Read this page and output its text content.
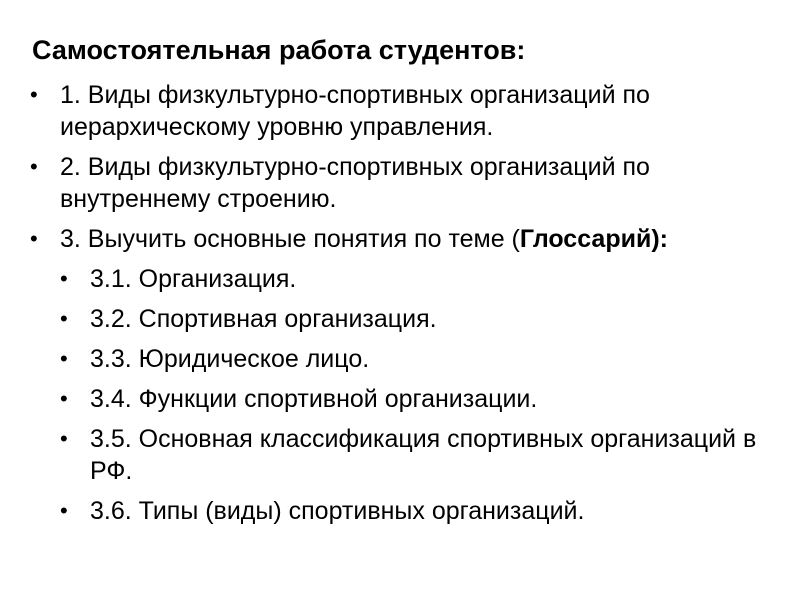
Самостоятельная работа студентов:
• 1. Виды физкультурно-спортивных организаций по иерархическому уровню управления.
• 2. Виды физкультурно-спортивных организаций по внутреннему строению.
• 3. Выучить основные понятия по теме (Глоссарий):
• 3.1. Организация.
• 3.2. Спортивная организация.
• 3.3. Юридическое лицо.
• 3.4. Функции спортивной организации.
• 3.5. Основная классификация спортивных организаций в РФ.
• 3.6. Типы (виды) спортивных организаций.
